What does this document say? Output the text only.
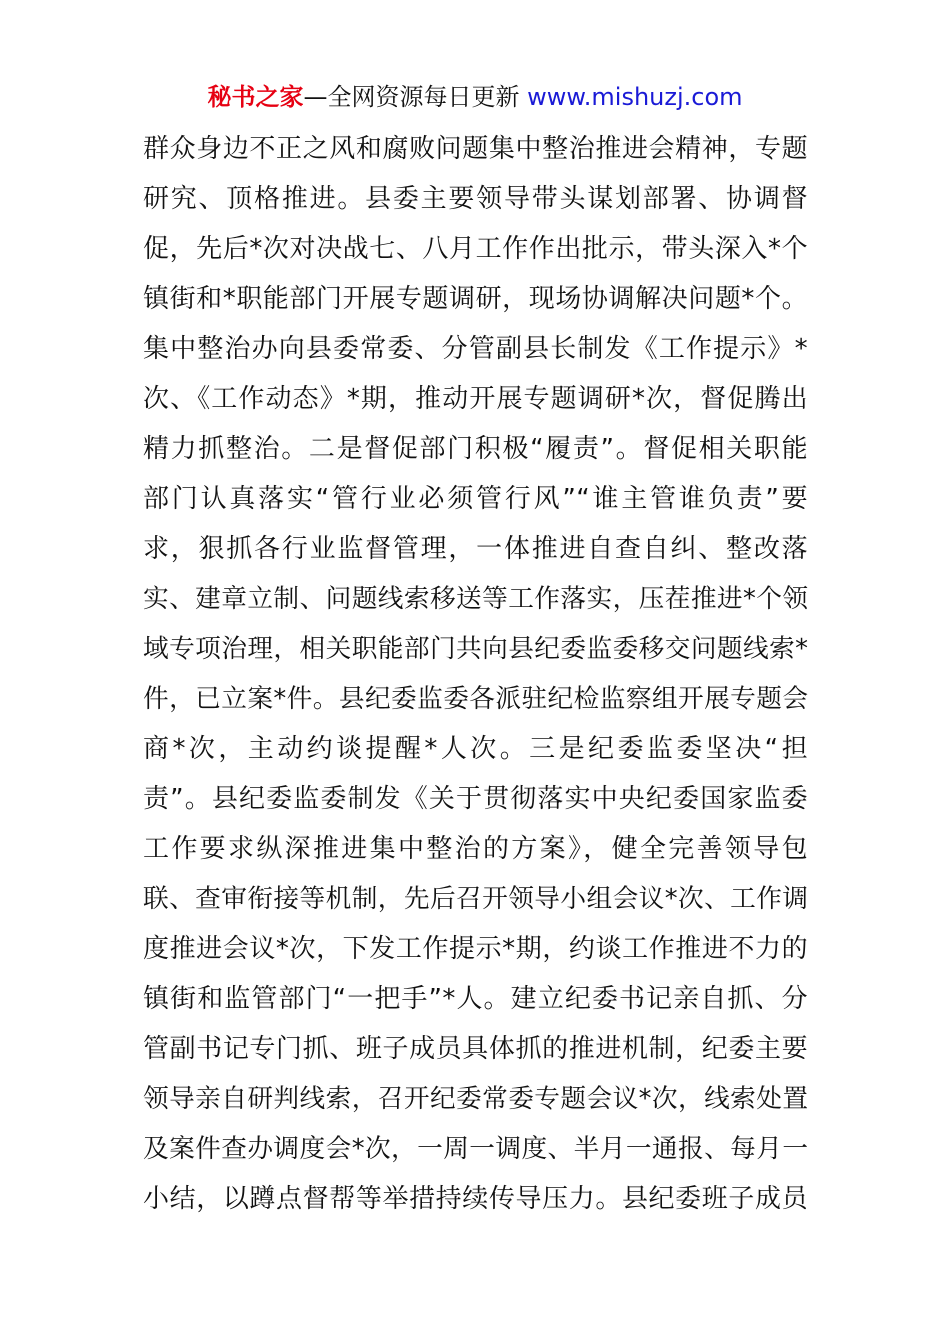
秘书之家—全网资源每日更新 www.mishuzj.com
群众身边不正之风和腐败问题集中整治推进会精神，专题
研究、顶格推进。县委主要领导带头谋划部署、协调督
促，先后*次对决战七、八月工作作出批示，带头深入*个
镇街和*职能部门开展专题调研，现场协调解决问题*个。
集中整治办向县委常委、分管副县长制发《工作提示》*
次、《工作动态》*期，推动开展专题调研*次，督促腾出
精力抓整治。二是督促部门积极“履责”。督促相关职能
部门认真落实“管行业必须管行风”“谁主管谁负责”要
求，狠抓各行业监督管理，一体推进自查自纠、整改落
实、建章立制、问题线索移送等工作落实，压茬推进*个领
域专项治理，相关职能部门共向县纪委监委移交问题线索*
件，已立案*件。县纪委监委各派驻纪检监察组开展专题会
商*次，主动约谈提醒*人次。三是纪委监委坚决“担
责”。县纪委监委制发《关于贯彻落实中央纪委国家监委
工作要求纵深推进集中整治的方案》，健全完善领导包
联、查审衔接等机制，先后召开领导小组会议*次、工作调
度推进会议*次，下发工作提示*期，约谈工作推进不力的
镇街和监管部门“一把手”*人。建立纪委书记亲自抓、分
管副书记专门抓、班子成员具体抓的推进机制，纪委主要
领导亲自研判线索，召开纪委常委专题会议*次，线索处置
及案件查办调度会*次，一周一调度、半月一通报、每月一
小结，以蹲点督帮等举措持续传导压力。县纪委班子成员
